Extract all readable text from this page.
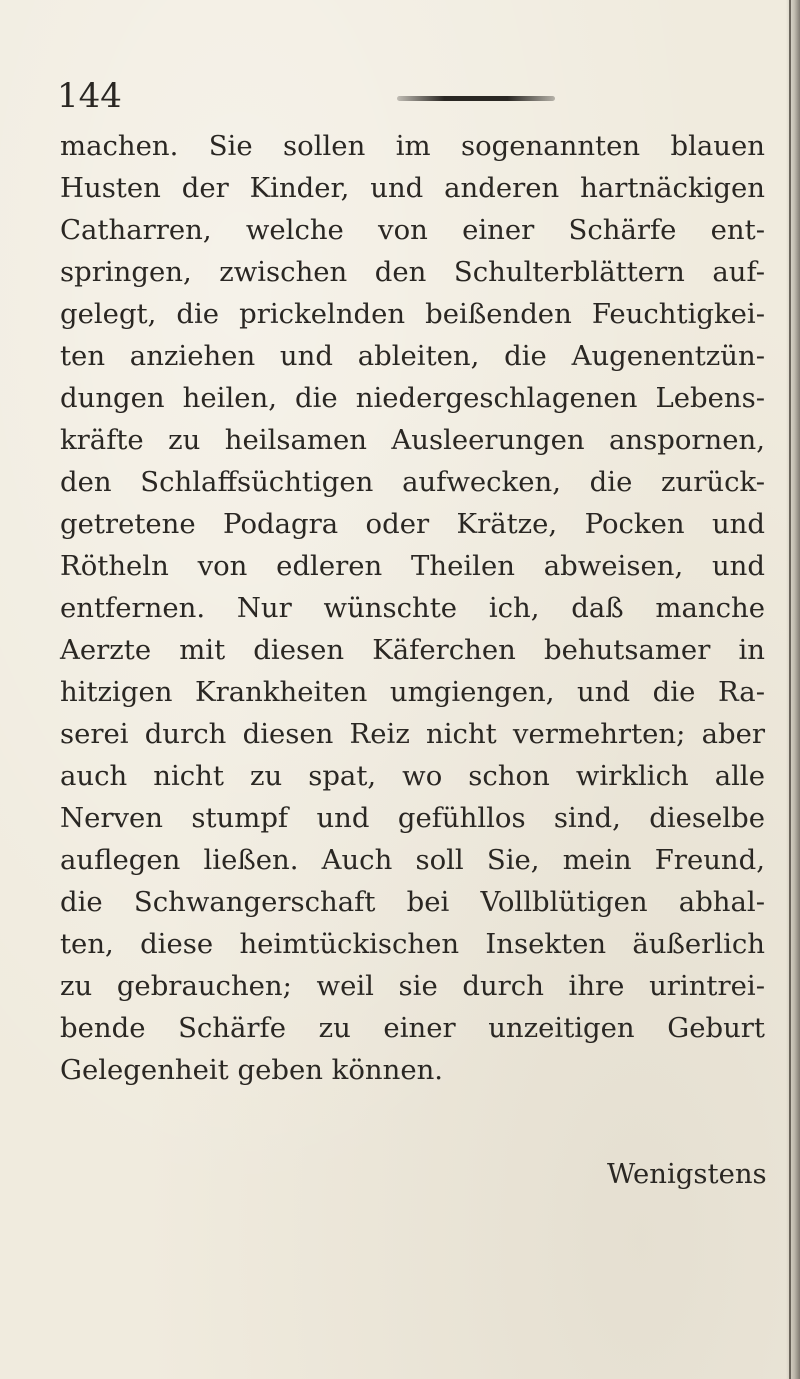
144
machen. Sie sollen im sogenannten blauen
Husten der Kinder, und anderen hartnäckigen
Catharren, welche von einer Schärfe ent-
springen, zwischen den Schulterblättern auf-
gelegt, die prickelnden beißenden Feuchtigkei-
ten anziehen und ableiten, die Augenentzün-
dungen heilen, die niedergeschlagenen Lebens-
kräfte zu heilsamen Ausleerungen anspornen,
den Schlaffsüchtigen aufwecken, die zurück-
getretene Podagra oder Krätze, Pocken und
Rötheln von edleren Theilen abweisen, und
entfernen. Nur wünschte ich, daß manche
Aerzte mit diesen Käferchen behutsamer in
hitzigen Krankheiten umgiengen, und die Ra-
serei durch diesen Reiz nicht vermehrten; aber
auch nicht zu spat, wo schon wirklich alle
Nerven stumpf und gefühllos sind, dieselbe
auflegen ließen. Auch soll Sie, mein Freund,
die Schwangerschaft bei Vollblütigen abhal-
ten, diese heimtückischen Insekten äußerlich
zu gebrauchen; weil sie durch ihre urintrei-
bende Schärfe zu einer unzeitigen Geburt
Gelegenheit geben können.
Wenigstens
